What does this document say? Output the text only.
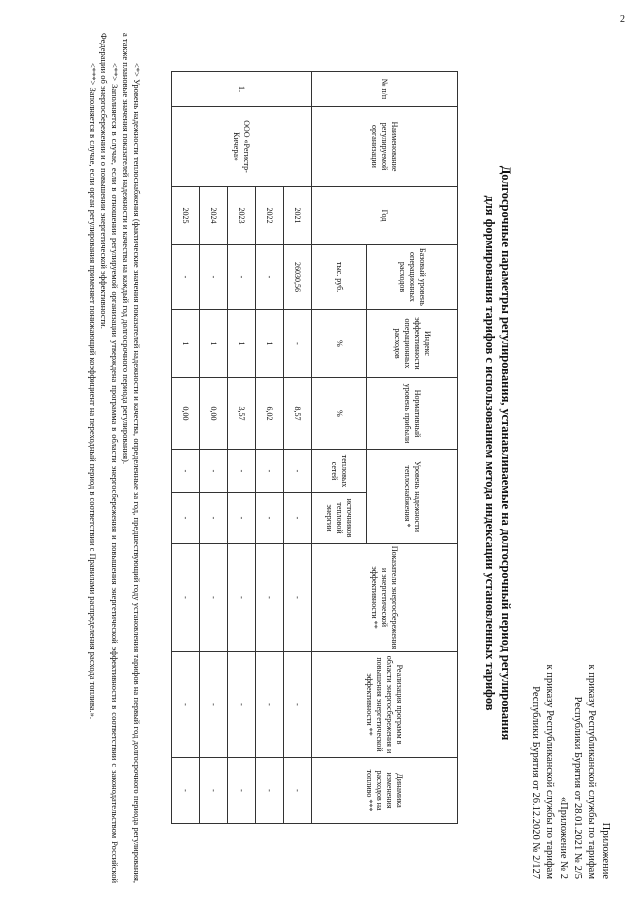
2
Приложение
к приказу Республиканской службы по тарифам
Республики Бурятия от 28.01.2021 № 2/5
«Приложение № 2
к приказу Республиканской службы по тарифам
Республики Бурятия от 26.12.2020 № 2/127
Долгосрочные параметры регулирования, устанавливаемые на долгосрочный период регулирования
для формирования тарифов с использованием метода индексации установленных тарифов
№ п/п	Наименование регулируемой организации	Год	Базовый уровень операционных расходов	Индекс эффективности операционных расходов	Нормативный уровень прибыли	Уровень надежности теплоснабжения *		Показатели энергосбережения и энергетической эффективности **	Реализация программ в области энергосбережения и повышения энергетической эффективности **	Динамика изменения расходов на топливо ***
			тыс. руб.	%	%	тепловых сетей	источников тепловой энергии			
1.	ООО «Регистр-Кичера»	2021	26030,56	-	8,57	-	-	-	-	-
		2022	-	1	6,02	-	-	-	-	-
		2023	-	1	3,57	-	-	-	-	-
		2024	-	1	0,00	-	-	-	-	-
		2025	-	1	0,00	-	-	-	-	-

<*> Уровень надежности теплоснабжения (фактические значения показателей надежности и качества, определенные за год, предшествующий году установления тарифов на первый год долгосрочного периода регулирования, а также плановые значения показателей надежности и качества на каждый год долгосрочного периода регулирования).

<**> Заполняется в случае, если в отношении регулируемой организации утверждена программа в области энергосбережения и повышения энергетической эффективности в соответствии с законодательством Российской Федерации об энергосбережении и о повышении энергетической эффективности.

<***> Заполняется в случае, если орган регулирования применяет понижающий коэффициент на переходный период в соответствии с Правилами распределения расхода топлива.».
